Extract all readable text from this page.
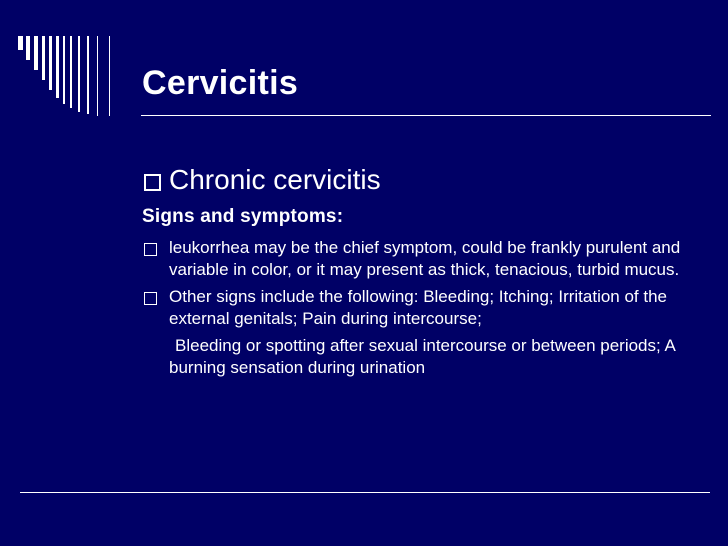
Cervicitis
Chronic cervicitis
Signs and symptoms:
leukorrhea may be the chief symptom, could be frankly purulent and variable in color, or it may present as thick, tenacious, turbid mucus.
Other signs include the following: Bleeding; Itching; Irritation of the external genitals; Pain during intercourse;
Bleeding or spotting after sexual intercourse or between periods; A burning sensation during urination
